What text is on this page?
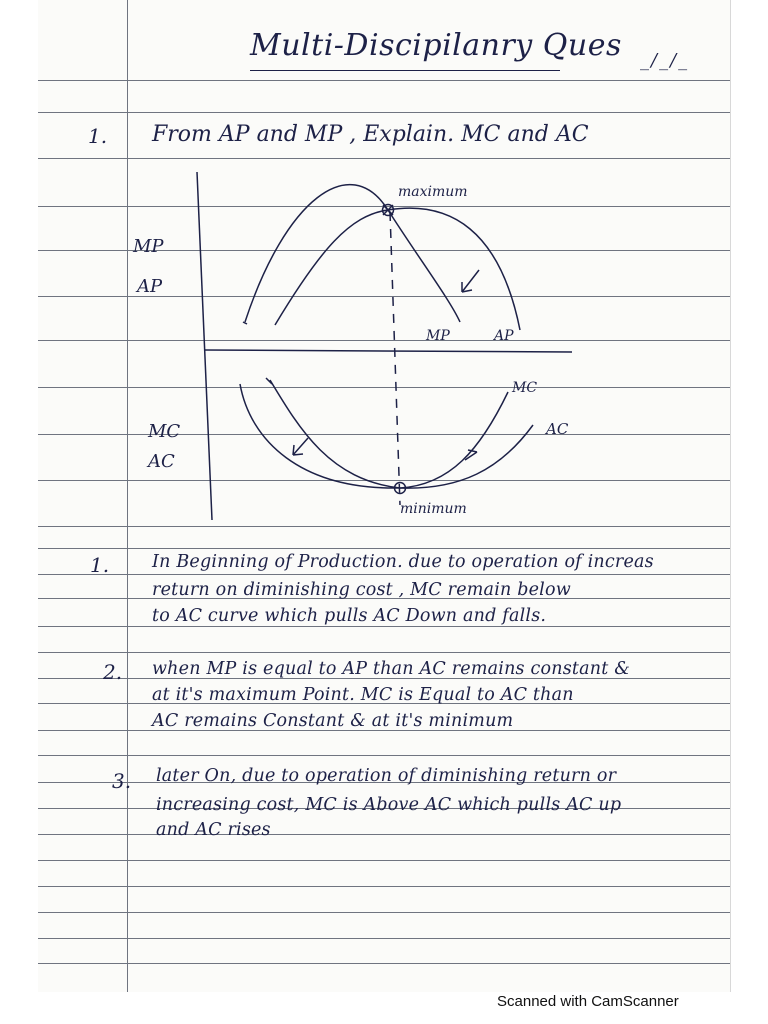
Multi-Discipilanry Ques _/_/_
1. From AP and MP , Explain. MC and AC
MP
AP
MC
AC
maximum
minimum
MP	AP
MC
AC
1. In Beginning of Production. due to operation of increas
return on diminishing cost , MC remain below
to AC curve which pulls AC Down and falls.
2. when MP is equal to AP than AC remains constant &
at it's maximum Point. MC is Equal to AC than
AC remains Constant & at it's minimum
3. later On, due to operation of diminishing return or
increasing cost, MC is Above AC which pulls AC up
and AC rises
Scanned with CamScanner
